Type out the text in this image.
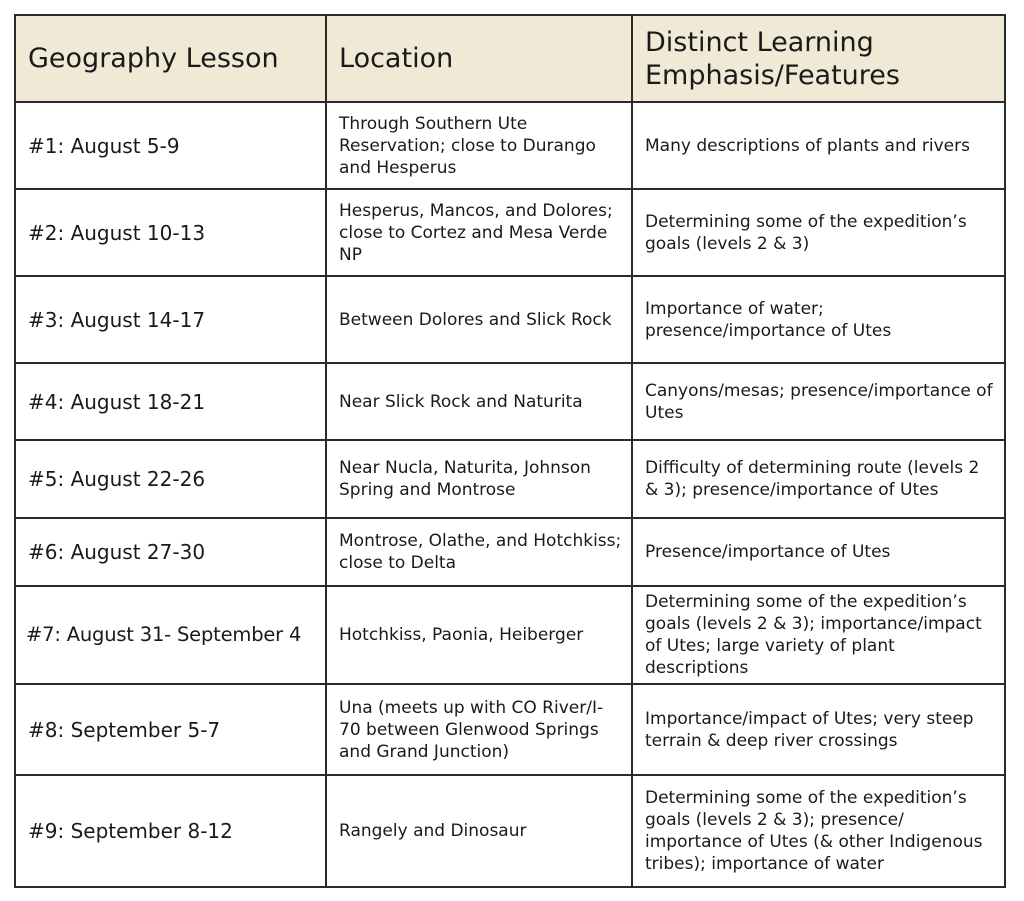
Geography Lesson	Location	Distinct Learning Emphasis/Features
#1: August 5-9	Through Southern Ute Reservation; close to Durango and Hesperus	Many descriptions of plants and rivers
#2: August 10-13	Hesperus, Mancos, and Dolores; close to Cortez and Mesa Verde NP	Determining some of the expedition’s goals (levels 2 & 3)
#3: August 14-17	Between Dolores and Slick Rock	Importance of water; presence/importance of Utes
#4: August 18-21	Near Slick Rock and Naturita	Canyons/mesas; presence/importance of Utes
#5: August 22-26	Near Nucla, Naturita, Johnson Spring and Montrose	Difficulty of determining route (levels 2 & 3); presence/importance of Utes
#6: August 27-30	Montrose, Olathe, and Hotchkiss; close to Delta	Presence/importance of Utes
#7: August 31- September 4	Hotchkiss, Paonia, Heiberger	Determining some of the expedition’s goals (levels 2 & 3); importance/impact of Utes; large variety of plant descriptions
#8: September 5-7	Una (meets up with CO River/I-70 between Glenwood Springs and Grand Junction)	Importance/impact of Utes; very steep terrain & deep river crossings
#9: September 8-12	Rangely and Dinosaur	Determining some of the expedition’s goals (levels 2 & 3); presence/ importance of Utes (& other Indigenous tribes); importance of water
